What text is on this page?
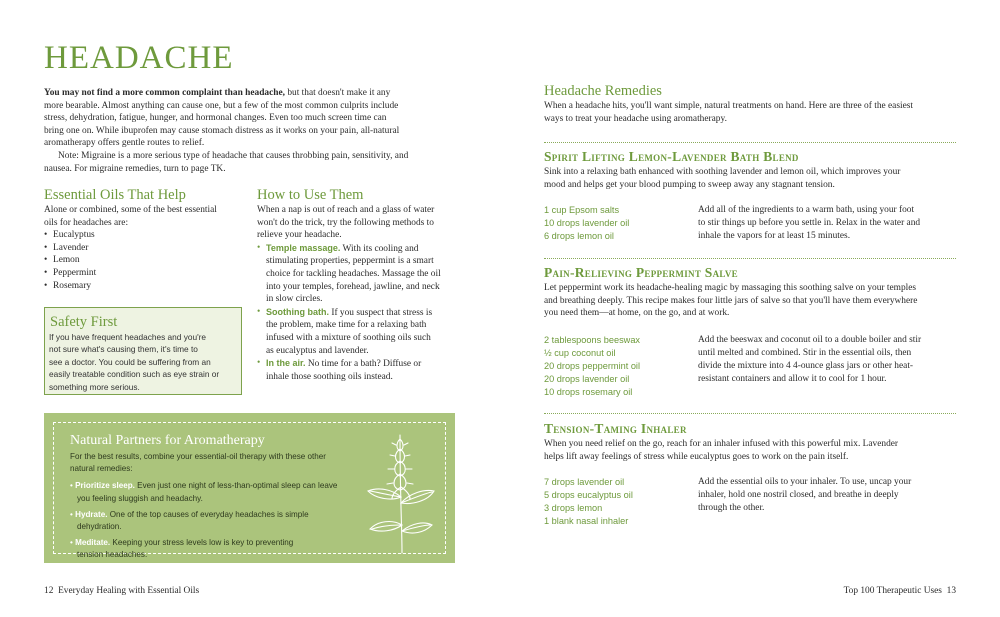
HEADACHE
You may not find a more common complaint than headache, but that doesn't make it any
more bearable. Almost anything can cause one, but a few of the most common culprits include
stress, dehydration, fatigue, hunger, and hormonal changes. Even too much screen time can
bring one on. While ibuprofen may cause stomach distress as it works on your pain, all-natural
aromatherapy offers gentle routes to relief.
Note: Migraine is a more serious type of headache that causes throbbing pain, sensitivity, and
nausea. For migraine remedies, turn to page TK.
Essential Oils That Help
Alone or combined, some of the best essential
oils for headaches are:
• Eucalyptus
• Lavender
• Lemon
• Peppermint
• Rosemary
How to Use Them
When a nap is out of reach and a glass of water
won't do the trick, try the following methods to
relieve your headache.
• Temple massage. With its cooling and
stimulating properties, peppermint is a smart
choice for tackling headaches. Massage the oil
into your temples, forehead, jawline, and neck
in slow circles.
• Soothing bath. If you suspect that stress is
the problem, make time for a relaxing bath
infused with a mixture of soothing oils such
as eucalyptus and lavender.
• In the air. No time for a bath? Diffuse or
inhale those soothing oils instead.
Safety First
If you have frequent headaches and you're
not sure what's causing them, it's time to
see a doctor. You could be suffering from an
easily treatable condition such as eye strain or
something more serious.
Natural Partners for Aromatherapy
For the best results, combine your essential-oil therapy with these other
natural remedies:
• Prioritize sleep. Even just one night of less-than-optimal sleep can leave
you feeling sluggish and headachy.
• Hydrate. One of the top causes of everyday headaches is simple
dehydration.
• Meditate. Keeping your stress levels low is key to preventing
tension headaches.
12 Everyday Healing with Essential Oils
Headache Remedies
When a headache hits, you'll want simple, natural treatments on hand. Here are three of the easiest
ways to treat your headache using aromatherapy.
Spirit Lifting Lemon-Lavender Bath Blend
Sink into a relaxing bath enhanced with soothing lavender and lemon oil, which improves your
mood and helps get your blood pumping to sweep away any stagnant tension.
1 cup Epsom salts
10 drops lavender oil
6 drops lemon oil
Add all of the ingredients to a warm bath, using your foot
to stir things up before you settle in. Relax in the water and
inhale the vapors for at least 15 minutes.
Pain-Relieving Peppermint Salve
Let peppermint work its headache-healing magic by massaging this soothing salve on your temples
and breathing deeply. This recipe makes four little jars of salve so that you'll have them everywhere
you need them—at home, on the go, and at work.
2 tablespoons beeswax
½ cup coconut oil
20 drops peppermint oil
20 drops lavender oil
10 drops rosemary oil
Add the beeswax and coconut oil to a double boiler and stir
until melted and combined. Stir in the essential oils, then
divide the mixture into 4 4-ounce glass jars or other heat-
resistant containers and allow it to cool for 1 hour.
Tension-Taming Inhaler
When you need relief on the go, reach for an inhaler infused with this powerful mix. Lavender
helps lift away feelings of stress while eucalyptus goes to work on the pain itself.
7 drops lavender oil
5 drops eucalyptus oil
3 drops lemon
1 blank nasal inhaler
Add the essential oils to your inhaler. To use, uncap your
inhaler, hold one nostril closed, and breathe in deeply
through the other.
Top 100 Therapeutic Uses 13
